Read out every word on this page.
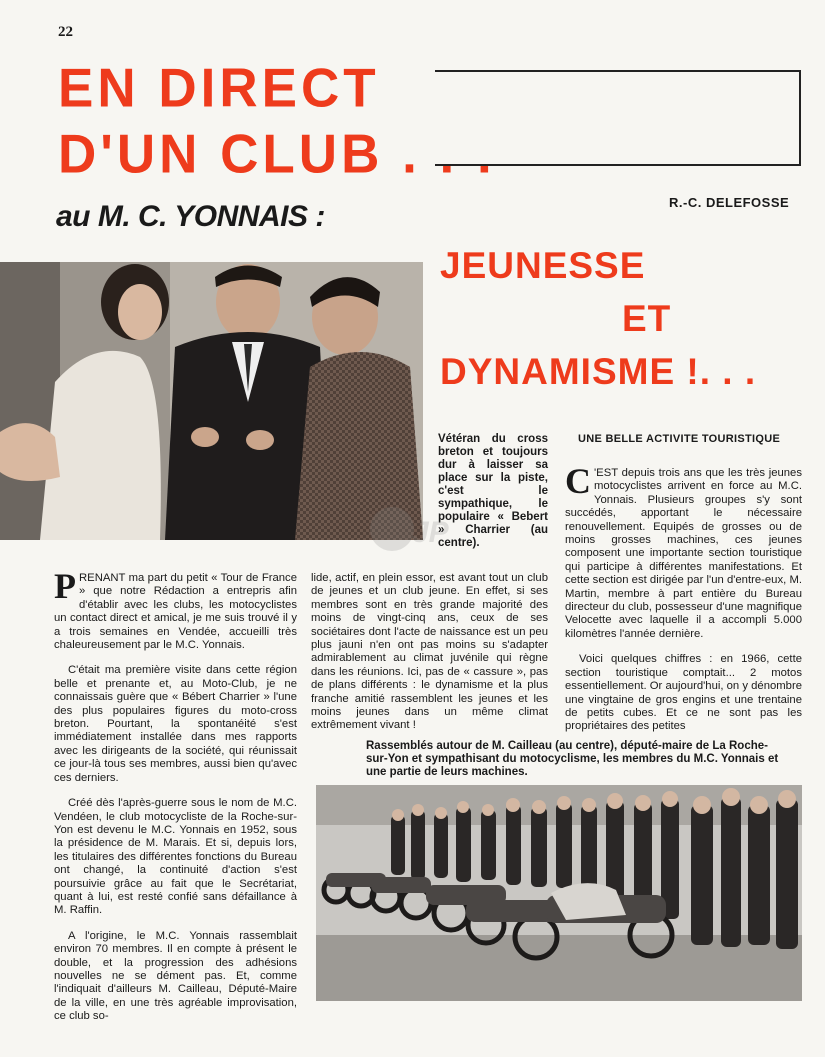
22
EN DIRECT
D'UN CLUB . . .
au M. C. YONNAIS :	R.-C. DELEFOSSE
JEUNESSE
ET
DYNAMISME !. . .
Vétéran du cross breton et toujours dur à laisser sa place sur la piste, c'est le sympathique, le populaire « Bebert » Charrier (au centre).
UNE BELLE ACTIVITE TOURISTIQUE

C 'EST depuis trois ans que les très jeunes motocyclistes arrivent en force au M.C. Yonnais. Plusieurs groupes s'y sont succédés, apportant le nécessaire renouvellement. Equipés de grosses ou de moins grosses machines, ces jeunes composent une importante section touristique qui participe à différentes manifestations. Et cette section est dirigée par l'un d'entre-eux, M. Martin, membre à part entière du Bureau directeur du club, possesseur d'une magnifique Velocette avec laquelle il a accompli 5.000 kilomètres l'année dernière.

Voici quelques chiffres : en 1966, cette section touristique comptait... 2 motos essentiellement. Or aujourd'hui, on y dénombre une vingtaine de gros engins et une trentaine de petits cubes. Et ce ne sont pas les propriétaires des petites

PRENANT ma part du petit « Tour de France » que notre Rédaction a entrepris afin d'établir avec les clubs, les motocyclistes un contact direct et amical, je me suis trouvé il y a trois semaines en Vendée, accueilli très chaleureusement par le M.C. Yonnais.

C'était ma première visite dans cette région belle et prenante et, au Moto-Club, je ne connaissais guère que « Bébert Charrier » l'une des plus populaires figures du moto-cross breton. Pourtant, la spontanéité s'est immédiatement installée dans mes rapports avec les dirigeants de la société, qui réunissait ce jour-là tous ses membres, aussi bien qu'avec ces derniers.

Créé dès l'après-guerre sous le nom de M.C. Vendéen, le club motocycliste de la Roche-sur-Yon est devenu le M.C. Yonnais en 1952, sous la présidence de M. Marais. Et si, depuis lors, les titulaires des différentes fonctions du Bureau ont changé, la continuité d'action s'est poursuivie grâce au fait que le Secrétariat, quant à lui, est resté confié sans défaillance à M. Raffin.

A l'origine, le M.C. Yonnais rassemblait environ 70 membres. Il en compte à présent le double, et la progression des adhésions nouvelles ne se dément pas. Et, comme l'indiquait d'ailleurs M. Cailleau, Député-Maire de la ville, en une très agréable improvisation, ce club so-

lide, actif, en plein essor, est avant tout un club de jeunes et un club jeune. En effet, si ses membres sont en très grande majorité des moins de vingt-cinq ans, ceux de ses sociétaires dont l'acte de naissance est un peu plus jauni n'en ont pas moins su s'adapter admirablement au climat juvénile qui règne dans les réunions. Ici, pas de « cassure », pas de plans différents : le dynamisme et la plus franche amitié rassemblent les jeunes et les moins jeunes dans un même climat extrêmement vivant !

Rassemblés autour de M. Cailleau (au centre), député-maire de La Roche-sur-Yon et sympathisant du motocyclisme, les membres du M.C. Yonnais et une partie de leurs machines.
JP
